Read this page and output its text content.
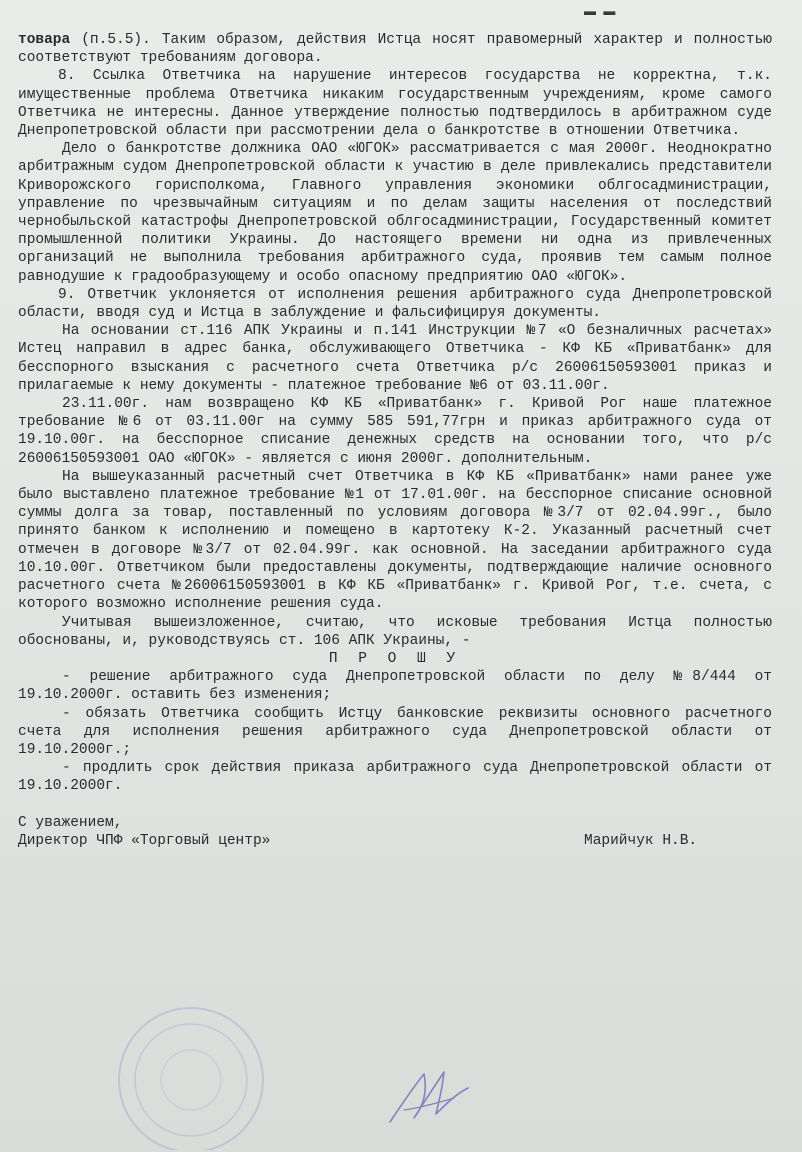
▬ ▬

товара (п.5.5). Таким образом, действия Истца носят правомерный характер и полностью соответствуют требованиям договора.

8. Ссылка Ответчика на нарушение интересов государства не корректна, т.к. имущественные проблема Ответчика никаким государственным учреждениям, кроме самого Ответчика не интересны. Данное утверждение полностью подтвердилось в арбитражном суде Днепропетровской области при рассмотрении дела о банкротстве в отношении Ответчика.

Дело о банкротстве должника ОАО «ЮГОК» рассматривается с мая 2000г. Неоднократно арбитражным судом Днепропетровской области к участию в деле привлекались представители Криворожского горисполкома, Главного управления экономики облгосадминистрации, управление по чрезвычайным ситуациям и по делам защиты населения от последствий чернобыльской катастрофы Днепропетровской облгосадминистрации, Государственный комитет промышленной политики Украины. До настоящего времени ни одна из привлеченных организаций не выполнила требования арбитражного суда, проявив тем самым полное равнодушие к градообразующему и особо опасному предприятию ОАО «ЮГОК».

9. Ответчик уклоняется от исполнения решения арбитражного суда Днепропетровской области, вводя суд и Истца в заблуждение и фальсифицируя документы.

На основании ст.116 АПК Украины и п.141 Инструкции №7 «О безналичных расчетах» Истец направил в адрес банка, обслуживающего Ответчика - КФ КБ «Приватбанк» для бесспорного взыскания с расчетного счета Ответчика р/с 26006150593001 приказ и прилагаемые к нему документы - платежное требование №6 от 03.11.00г.

23.11.00г. нам возвращено КФ КБ «Приватбанк» г. Кривой Рог наше платежное требование №6 от 03.11.00г на сумму 585 591,77грн и приказ арбитражного суда от 19.10.00г. на бесспорное списание денежных средств на основании того, что р/с 26006150593001 ОАО «ЮГОК» - является с июня 2000г. дополнительным.

На вышеуказанный расчетный счет Ответчика в КФ КБ «Приватбанк» нами ранее уже было выставлено платежное требование №1 от 17.01.00г. на бесспорное списание основной суммы долга за товар, поставленный по условиям договора №3/7 от 02.04.99г., было принято банком к исполнению и помещено в картотеку К-2. Указанный расчетный счет отмечен в договоре №3/7 от 02.04.99г. как основной. На заседании арбитражного суда 10.10.00г. Ответчиком были предоставлены документы, подтверждающие наличие основного расчетного счета №26006150593001 в КФ КБ «Приватбанк» г. Кривой Рог, т.е. счета, с которого возможно исполнение решения суда.

Учитывая вышеизложенное, считаю, что исковые требования Истца полностью обоснованы, и, руководствуясь ст. 106 АПК Украины, -

П Р О Ш У

- решение арбитражного суда Днепропетровской области по делу №8/444 от 19.10.2000г. оставить без изменения;

- обязать Ответчика сообщить Истцу банковские реквизиты основного расчетного счета для исполнения решения арбитражного суда Днепропетровской области от 19.10.2000г.;

- продлить срок действия приказа арбитражного суда Днепропетровской области от 19.10.2000г.

С уважением,

Директор ЧПФ «Торговый центр»	Марийчук Н.В.
